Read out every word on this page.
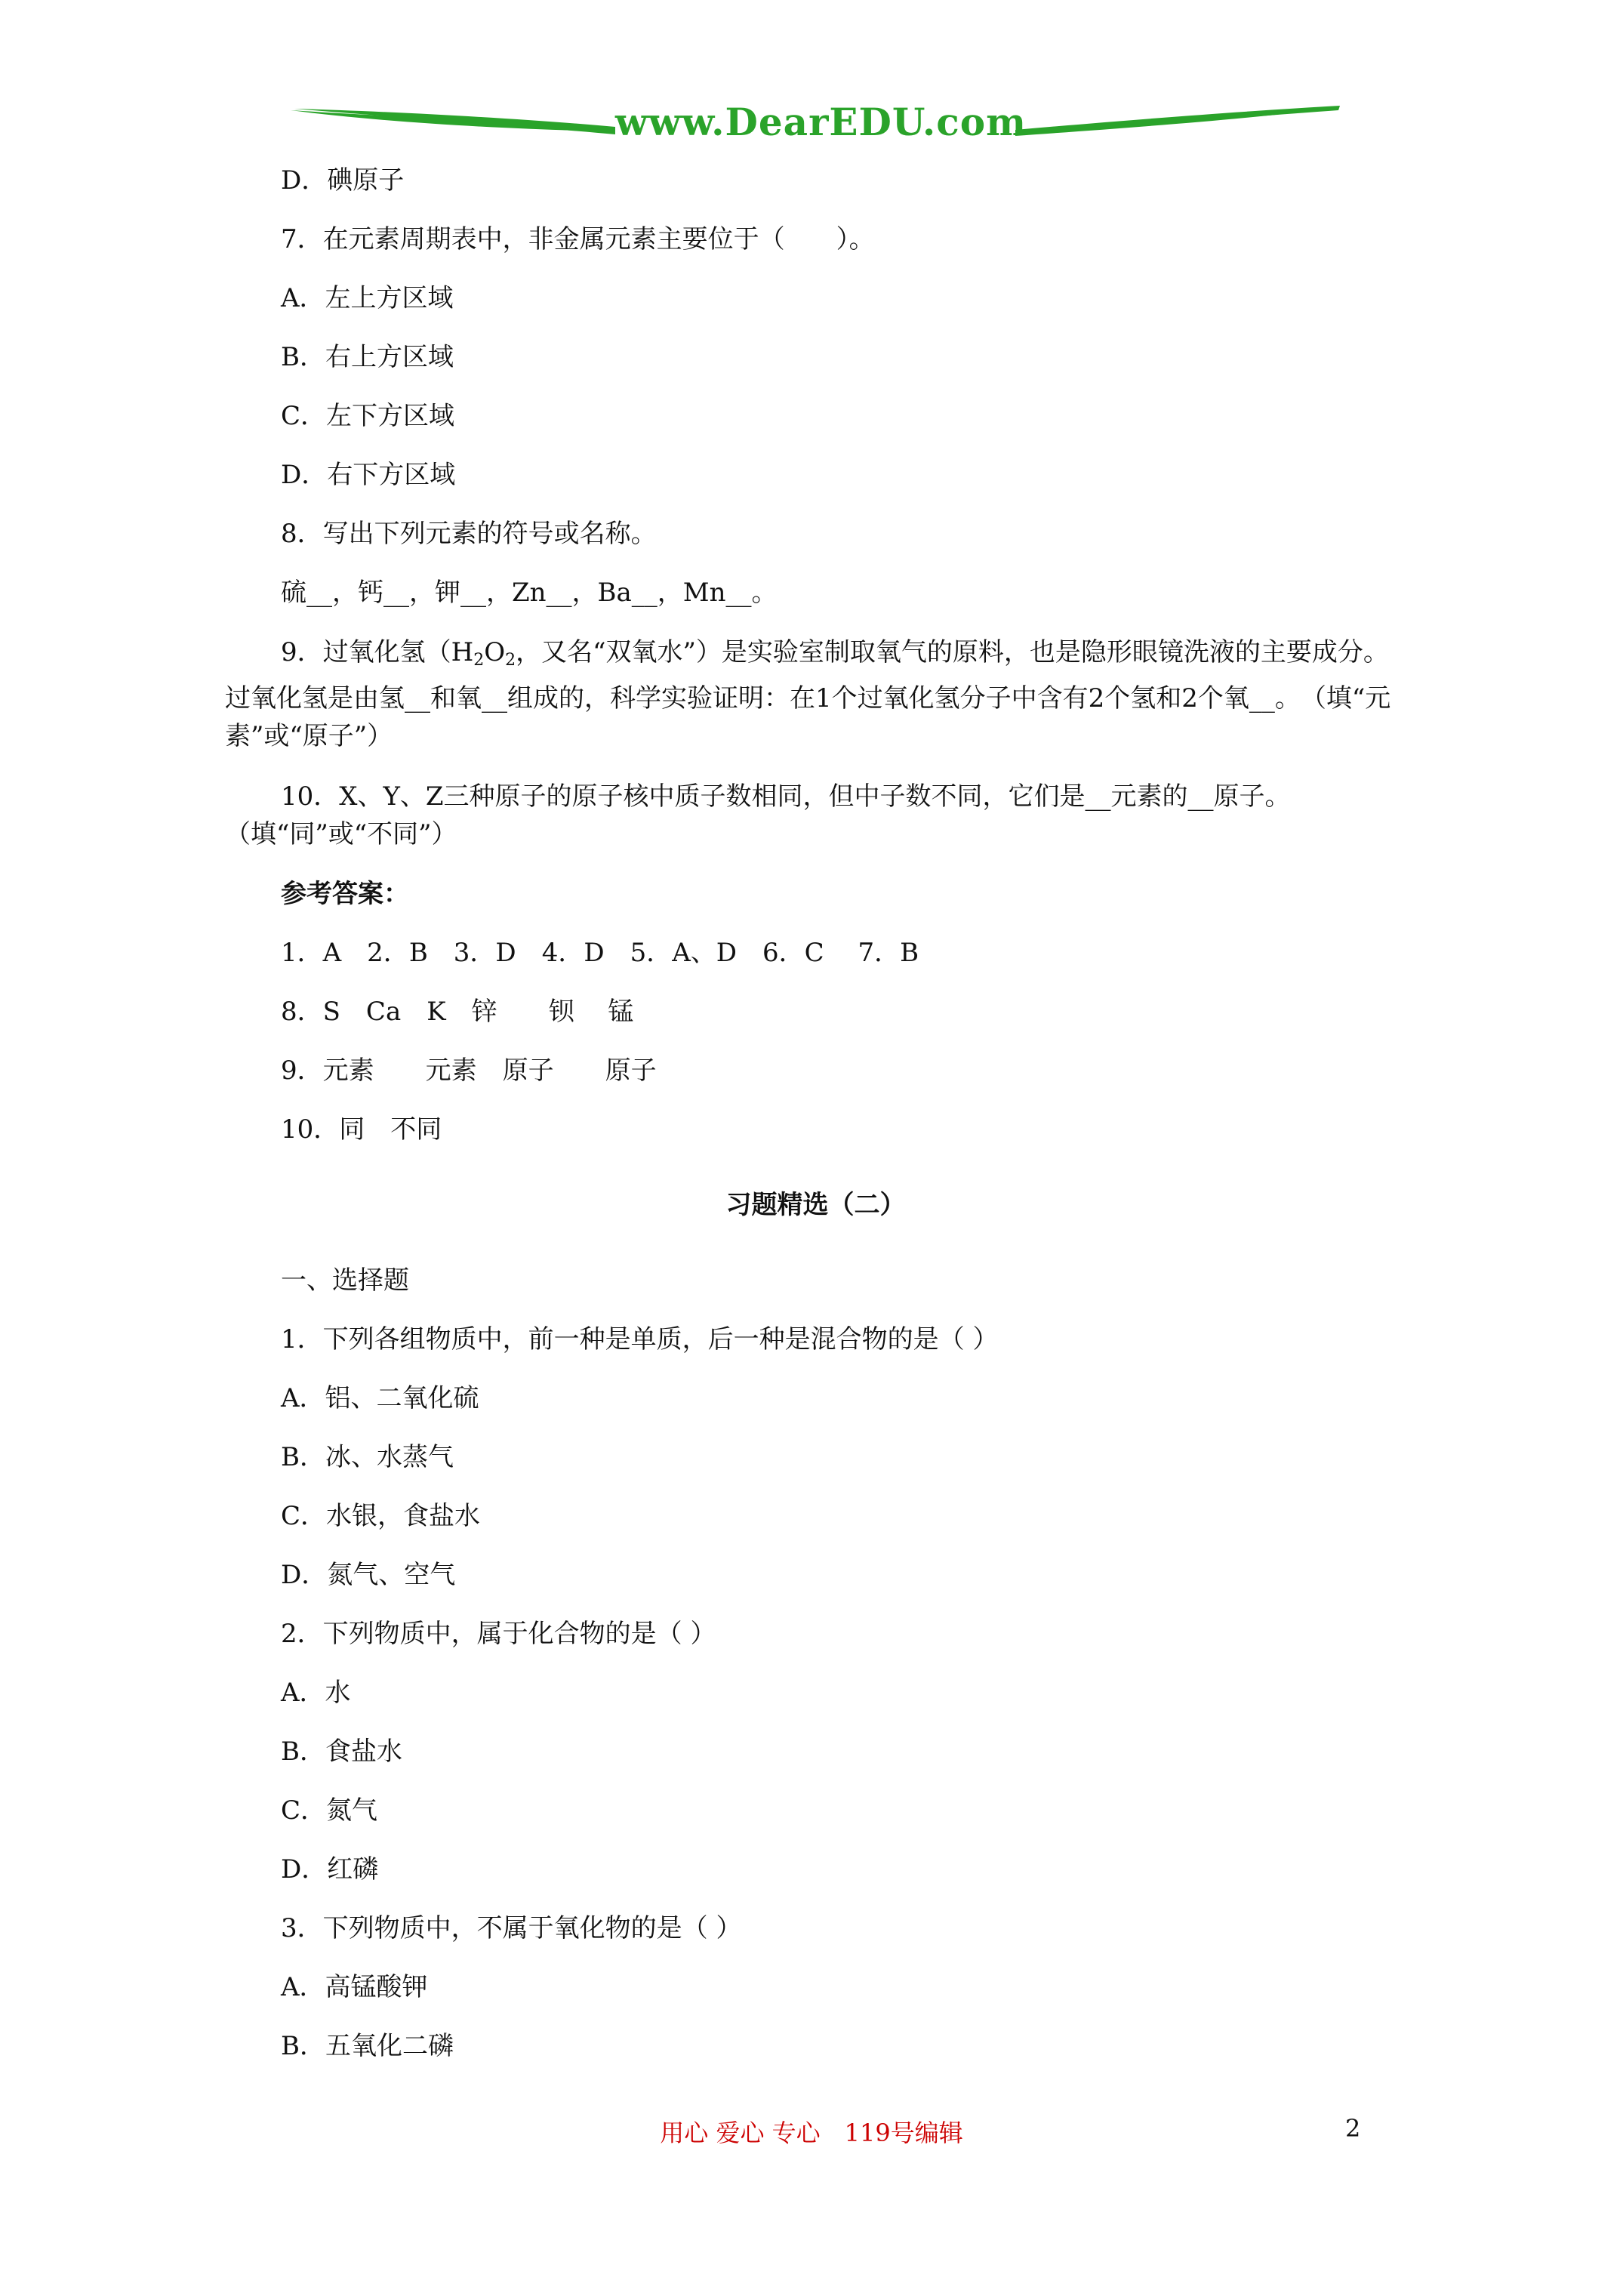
www.DearEDU.com

D．碘原子

7．在元素周期表中，非金属元素主要位于（　　）。

A．左上方区域

B．右上方区域

C．左下方区域

D．右下方区域

8．写出下列元素的符号或名称。

硫__，钙__，钾__，Zn__，Ba__，Mn__。

9．过氧化氢（$H_2O_2$，又名“双氧水”）是实验室制取氧气的原料，也是隐形眼镜洗液的主要成分。过氧化氢是由氢__和氧__组成的，科学实验证明：在1个过氧化氢分子中含有2个氢和2个氧__。　（填“元素”或“原子”）

10．X、Y、Z三种原子的原子核中质子数相同，但中子数不同，它们是__元素的__原子。（填“同”或“不同”）

参考答案：

1．A　2．B　3．D　4．D　5．A、D　6．C　 7．B

8．S　Ca　K　锌　　钡　 锰

9．元素　　元素　原子　　原子

10．同　不同

习题精选（二）

一、选择题

1．下列各组物质中，前一种是单质，后一种是混合物的是（ ）

A．铝、二氧化硫

B．冰、水蒸气

C．水银，食盐水

D．氮气、空气

2．下列物质中，属于化合物的是（ ）

A．水

B．食盐水

C．氮气

D．红磷

3．下列物质中，不属于氧化物的是（ ）

A．高锰酸钾

B．五氧化二磷

用心 爱心 专心　119号编辑	2
